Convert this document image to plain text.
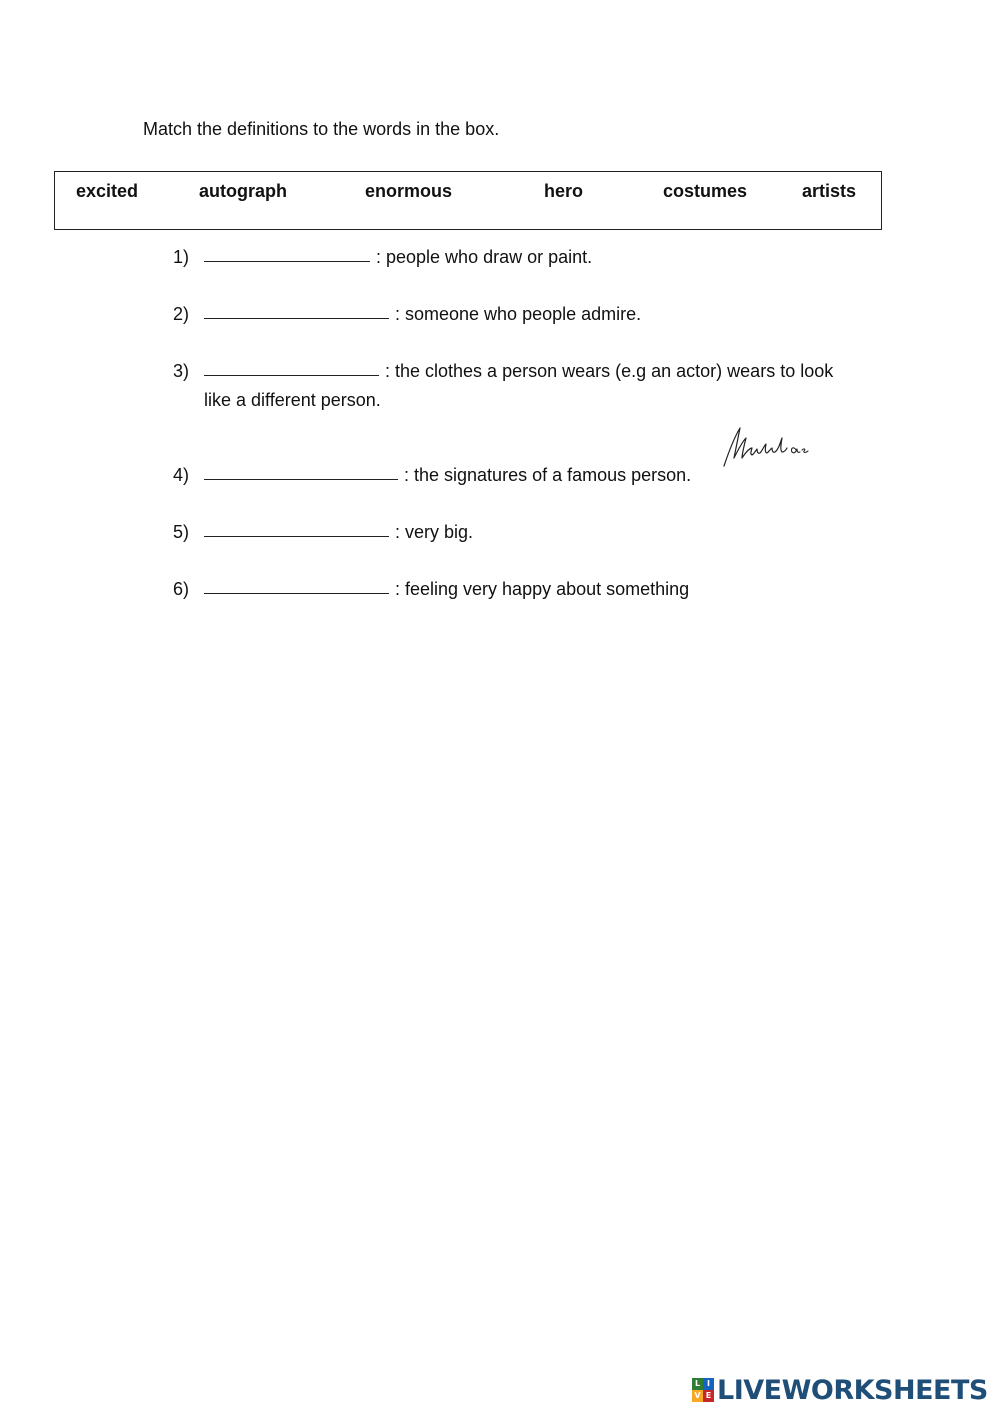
Match the definitions to the words in the box.
excited	autograph	enormous	hero	costumes	artists
1)	: people who draw or paint.
2)	: someone who people admire.
3)	: the clothes a person wears (e.g an actor) wears to look like a different person.
4)	: the signatures of a famous person.
5)	: very big.
6)	: feeling very happy about something
L I
V E LIVEWORKSHEETS
